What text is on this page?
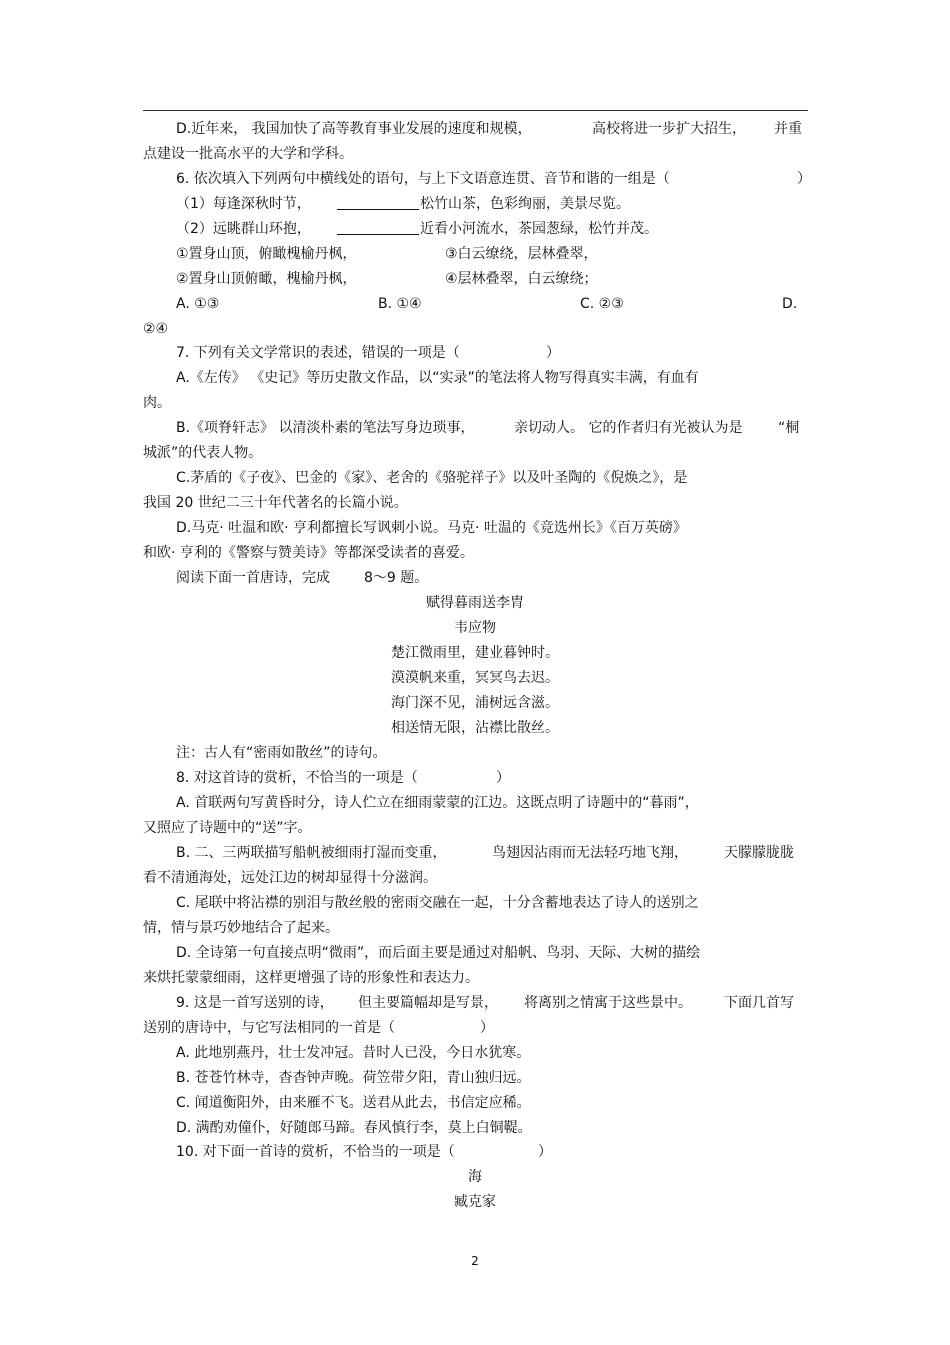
D.近年来， 我国加快了高等教育事业发展的速度和规模，	高校将进一步扩大招生， 并重
点建设一批高水平的大学和学科。
6. 依次填入下列两句中横线处的语句，与上下文语意连贯、音节和谐的一组是（	）
（1）每逢深秋时节，	松竹山茶，色彩绚丽，美景尽览。
（2）远眺群山环抱，	近看小河流水，茶园葱绿，松竹并茂。
①置身山顶，俯瞰槐榆丹枫，	③白云缭绕，层林叠翠，
②置身山顶俯瞰，槐榆丹枫，	④层林叠翠，白云缭绕；
A. ①③	B. ①④	C. ②③	D.
②④
7. 下列有关文学常识的表述，错误的一项是（	）
A.《左传》 《史记》等历史散文作品，以“实录”的笔法将人物写得真实丰满，有血有
肉。
B.《项脊轩志》 以清淡朴素的笔法写身边琐事，	亲切动人。 它的作者归有光被认为是	“桐
城派”的代表人物。
C.茅盾的《子夜》、巴金的《家》、老舍的《骆驼祥子》以及叶圣陶的《倪焕之》，是
我国 20 世纪二三十年代著名的长篇小说。
D.马克· 吐温和欧· 亨利都擅长写讽刺小说。马克· 吐温的《竞选州长》《百万英磅》
和欧· 亨利的《警察与赞美诗》等都深受读者的喜爱。
阅读下面一首唐诗，完成 8～9 题。
赋得暮雨送李胄
韦应物
楚江微雨里，建业暮钟时。
漠漠帆来重，冥冥鸟去迟。
海门深不见，浦树远含滋。
相送情无限，沾襟比散丝。
注：古人有“密雨如散丝”的诗句。
8. 对这首诗的赏析，不恰当的一项是（	）
A. 首联两句写黄昏时分，诗人伫立在细雨蒙蒙的江边。这既点明了诗题中的“暮雨”，
又照应了诗题中的“送”字。
B. 二、三两联描写船帆被细雨打湿而变重，	鸟翅因沾雨而无法轻巧地飞翔，	天朦朦胧胧
看不清通海处，远处江边的树却显得十分滋润。
C. 尾联中将沾襟的别泪与散丝般的密雨交融在一起，十分含蓄地表达了诗人的送别之
情，情与景巧妙地结合了起来。
D. 全诗第一句直接点明“微雨”，而后面主要是通过对船帆、鸟羽、天际、大树的描绘
来烘托蒙蒙细雨，这样更增强了诗的形象性和表达力。
9. 这是一首写送别的诗， 但主要篇幅却是写景， 将离别之情寓于这些景中。 下面几首写
送别的唐诗中，与它写法相同的一首是（	）
A. 此地别燕丹，壮士发冲冠。昔时人已没，今日水犹寒。
B. 苍苍竹林寺，杳杳钟声晚。荷笠带夕阳，青山独归远。
C. 闻道衡阳外，由来雁不飞。送君从此去，书信定应稀。
D. 满酌劝僮仆，好随郎马蹄。春风慎行李，莫上白铜鞮。
10. 对下面一首诗的赏析，不恰当的一项是（	）
海
臧克家
2
